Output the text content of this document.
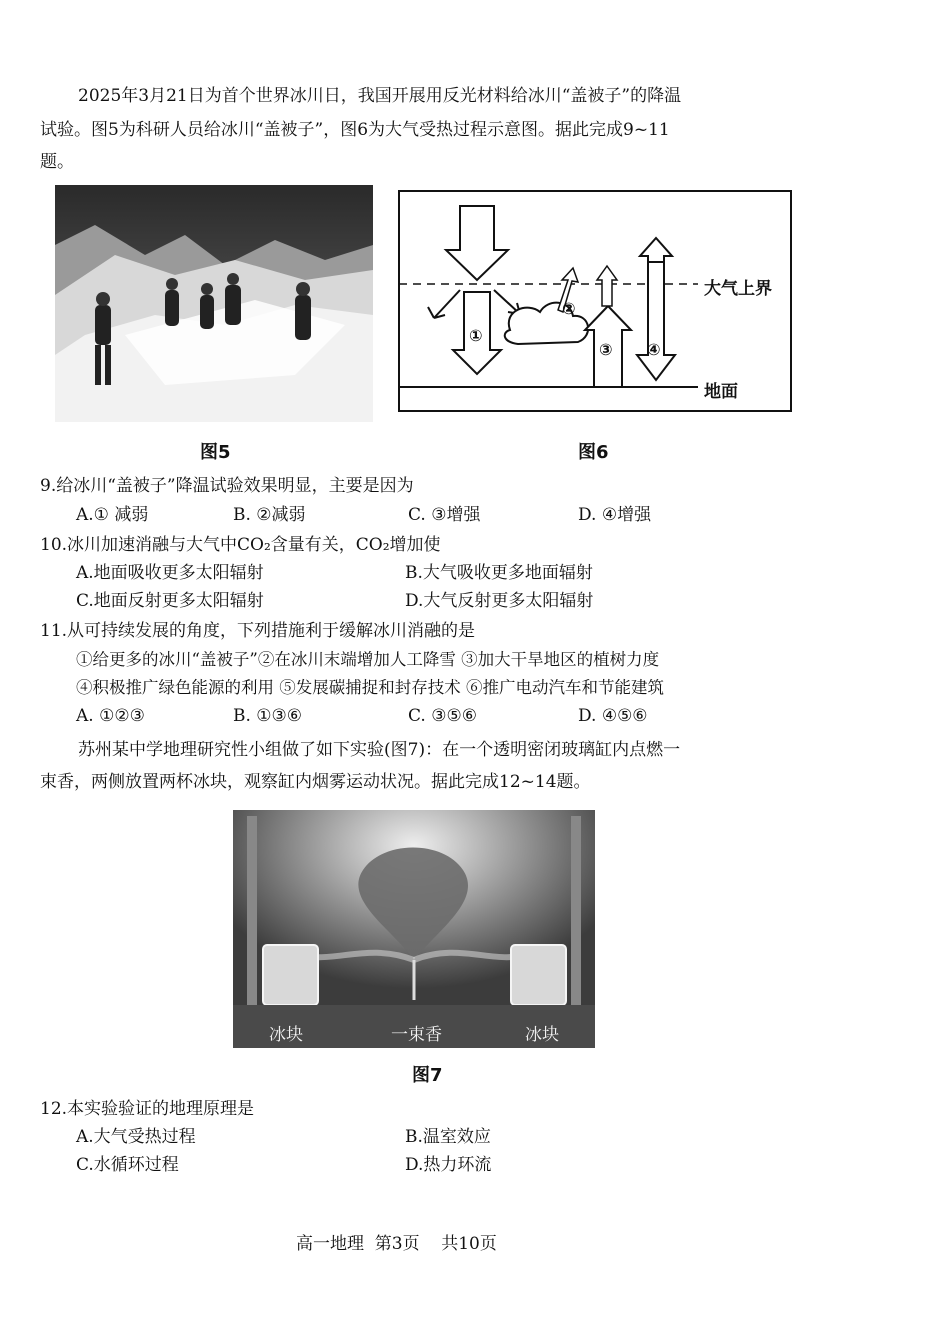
2025年3月21日为首个世界冰川日，我国开展用反光材料给冰川“盖被子”的降温
试验。图5为科研人员给冰川“盖被子”，图6为大气受热过程示意图。据此完成9~11
题。
①
②
③ ④
大气上界
地面
图5	图6
9.给冰川“盖被子”降温试验效果明显，主要是因为
A.① 减弱	B. ②减弱	C. ③增强	D. ④增强
10.冰川加速消融与大气中CO₂含量有关，CO₂增加使
A.地面吸收更多太阳辐射	B.大气吸收更多地面辐射
C.地面反射更多太阳辐射	D.大气反射更多太阳辐射
11.从可持续发展的角度，下列措施利于缓解冰川消融的是
①给更多的冰川“盖被子”②在冰川末端增加人工降雪 ③加大干旱地区的植树力度
④积极推广绿色能源的利用 ⑤发展碳捕捉和封存技术 ⑥推广电动汽车和节能建筑
A. ①②③	B. ①③⑥	C. ③⑤⑥	D. ④⑤⑥
苏州某中学地理研究性小组做了如下实验(图7)：在一个透明密闭玻璃缸内点燃一
束香，两侧放置两杯冰块，观察缸内烟雾运动状况。据此完成12~14题。
冰块	一束香	冰块
图7
12.本实验验证的地理原理是
A.大气受热过程	B.温室效应
C.水循环过程	D.热力环流
高一地理  第3页    共10页
